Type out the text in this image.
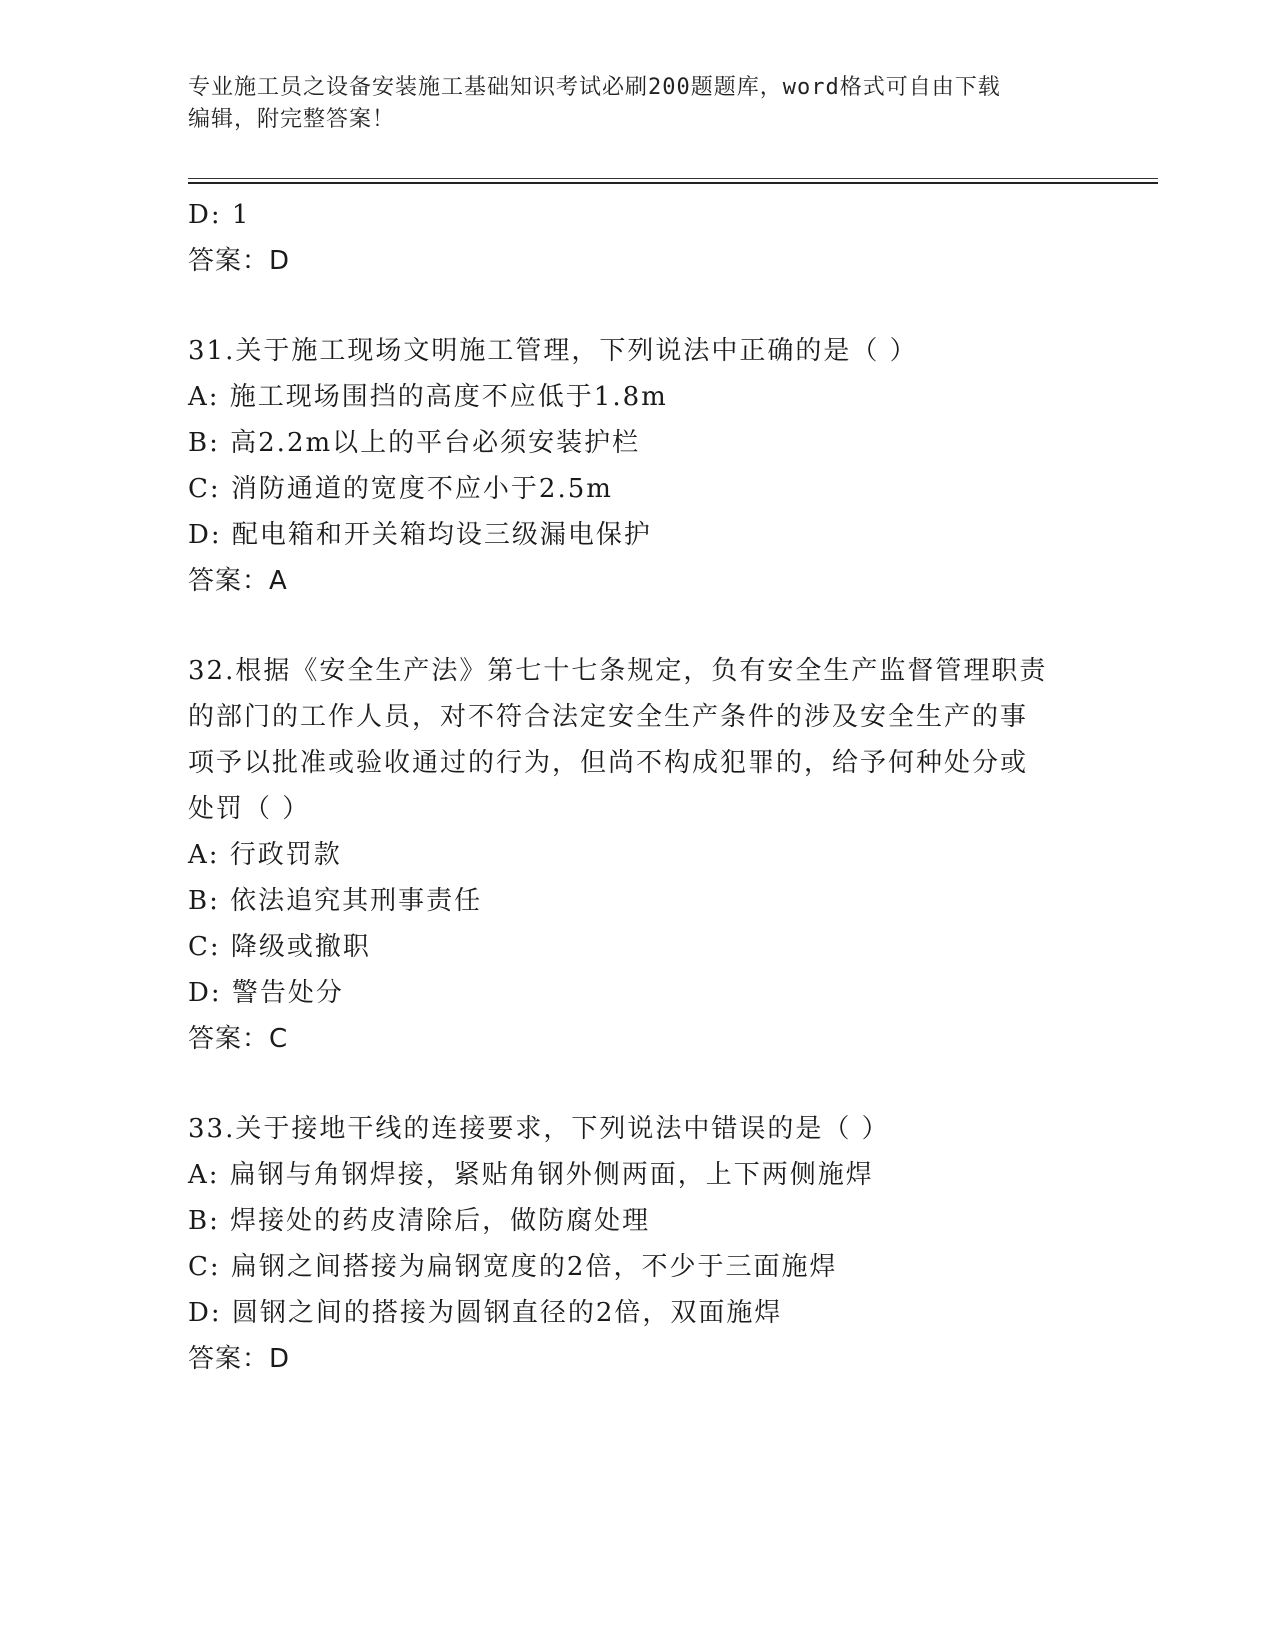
专业施工员之设备安装施工基础知识考试必刷200题题库，word格式可自由下载
编辑，附完整答案！
D: 1
答案：D
31.关于施工现场文明施工管理，下列说法中正确的是（ ）
A: 施工现场围挡的高度不应低于1.8m
B: 高2.2m以上的平台必须安装护栏
C: 消防通道的宽度不应小于2.5m
D: 配电箱和开关箱均设三级漏电保护
答案：A
32.根据《安全生产法》第七十七条规定，负有安全生产监督管理职责
的部门的工作人员，对不符合法定安全生产条件的涉及安全生产的事
项予以批准或验收通过的行为，但尚不构成犯罪的，给予何种处分或
处罚（ ）
A: 行政罚款
B: 依法追究其刑事责任
C: 降级或撤职
D: 警告处分
答案：C
33.关于接地干线的连接要求，下列说法中错误的是（ ）
A: 扁钢与角钢焊接，紧贴角钢外侧两面，上下两侧施焊
B: 焊接处的药皮清除后，做防腐处理
C: 扁钢之间搭接为扁钢宽度的2倍，不少于三面施焊
D: 圆钢之间的搭接为圆钢直径的2倍，双面施焊
答案：D
